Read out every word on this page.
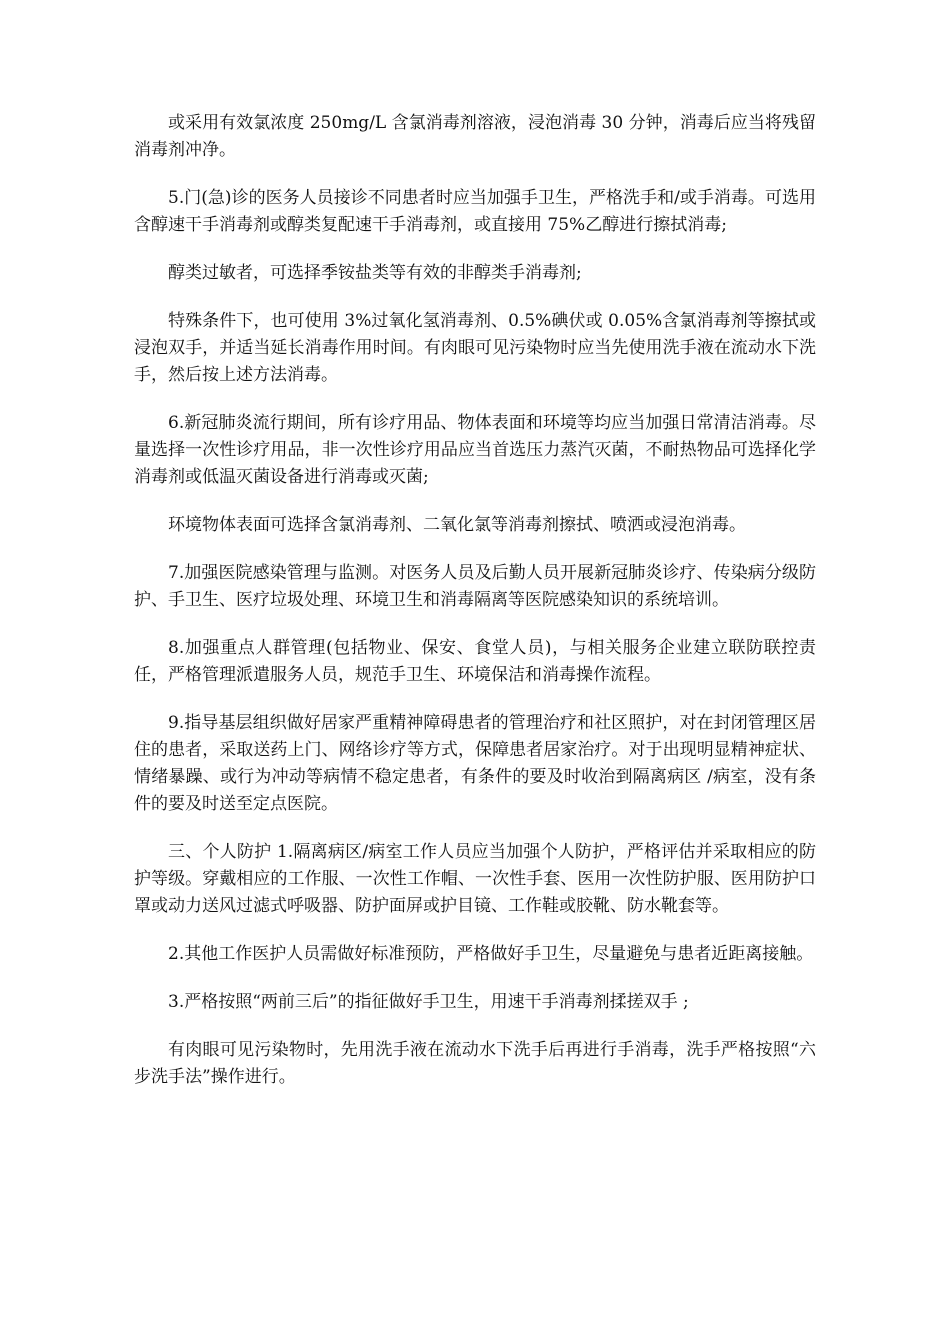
或采用有效氯浓度 250mg/L 含氯消毒剂溶液，浸泡消毒 30 分钟，消毒后应当将残留消毒剂冲净。

5.门(急)诊的医务人员接诊不同患者时应当加强手卫生，严格洗手和/或手消毒。可选用含醇速干手消毒剂或醇类复配速干手消毒剂，或直接用 75%乙醇进行擦拭消毒;

醇类过敏者，可选择季铵盐类等有效的非醇类手消毒剂;

特殊条件下，也可使用 3%过氧化氢消毒剂、0.5%碘伏或 0.05%含氯消毒剂等擦拭或浸泡双手，并适当延长消毒作用时间。有肉眼可见污染物时应当先使用洗手液在流动水下洗手，然后按上述方法消毒。

6.新冠肺炎流行期间，所有诊疗用品、物体表面和环境等均应当加强日常清洁消毒。尽量选择一次性诊疗用品，非一次性诊疗用品应当首选压力蒸汽灭菌，不耐热物品可选择化学消毒剂或低温灭菌设备进行消毒或灭菌;

环境物体表面可选择含氯消毒剂、二氧化氯等消毒剂擦拭、喷洒或浸泡消毒。

7.加强医院感染管理与监测。对医务人员及后勤人员开展新冠肺炎诊疗、传染病分级防护、手卫生、医疗垃圾处理、环境卫生和消毒隔离等医院感染知识的系统培训。

8.加强重点人群管理(包括物业、保安、食堂人员)，与相关服务企业建立联防联控责任，严格管理派遣服务人员，规范手卫生、环境保洁和消毒操作流程。

9.指导基层组织做好居家严重精神障碍患者的管理治疗和社区照护，对在封闭管理区居住的患者，采取送药上门、网络诊疗等方式，保障患者居家治疗。对于出现明显精神症状、情绪暴躁、或行为冲动等病情不稳定患者，有条件的要及时收治到隔离病区 /病室，没有条件的要及时送至定点医院。

三、个人防护 1.隔离病区/病室工作人员应当加强个人防护，严格评估并采取相应的防护等级。穿戴相应的工作服、一次性工作帽、一次性手套、医用一次性防护服、医用防护口罩或动力送风过滤式呼吸器、防护面屏或护目镜、工作鞋或胶靴、防水靴套等。

2.其他工作医护人员需做好标准预防，严格做好手卫生，尽量避免与患者近距离接触。

3.严格按照“两前三后”的指征做好手卫生，用速干手消毒剂揉搓双手 ;

有肉眼可见污染物时，先用洗手液在流动水下洗手后再进行手消毒，洗手严格按照“六步洗手法”操作进行。
